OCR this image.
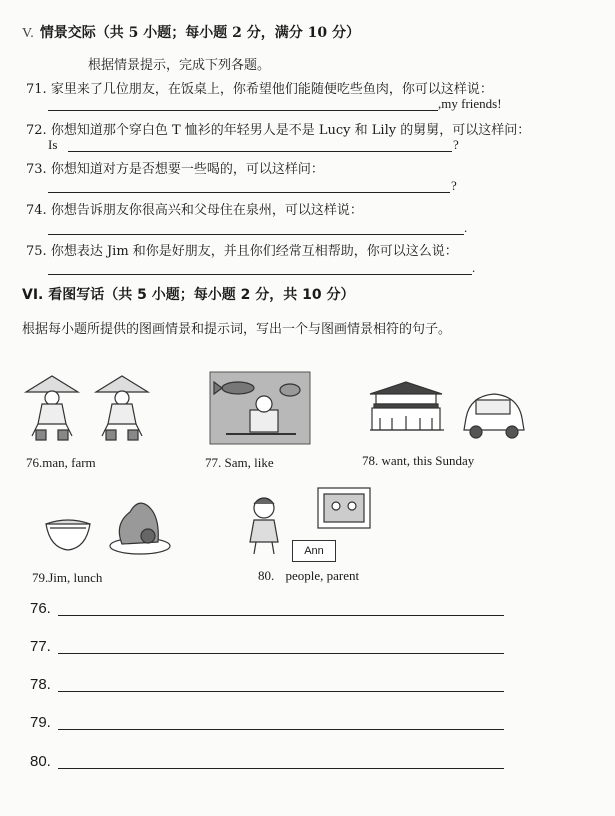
V. 情景交际（共 5 小题；每小题 2 分，满分 10 分）
根据情景提示，完成下列各题。
71. 家里来了几位朋友，在饭桌上，你希望他们能随便吃些鱼肉，你可以这样说：
,my friends!
72. 你想知道那个穿白色 T 恤衫的年轻男人是不是 Lucy 和 Lily 的舅舅，可以这样问：
Is	?
73. 你想知道对方是否想要一些喝的，可以这样问：
?
74. 你想告诉朋友你很高兴和父母住在泉州，可以这样说：
.
75. 你想表达 Jim 和你是好朋友，并且你们经常互相帮助，你可以这么说：
.
VI. 看图写话（共 5 小题；每小题 2 分，共 10 分）
根据每小题所提供的图画情景和提示词，写出一个与图画情景相符的句子。
76.man, farm	77. Sam, like	78. want, this Sunday
79.Jim, lunch
Ann
80. people, parent
76.
77.
78.
79.
80.
